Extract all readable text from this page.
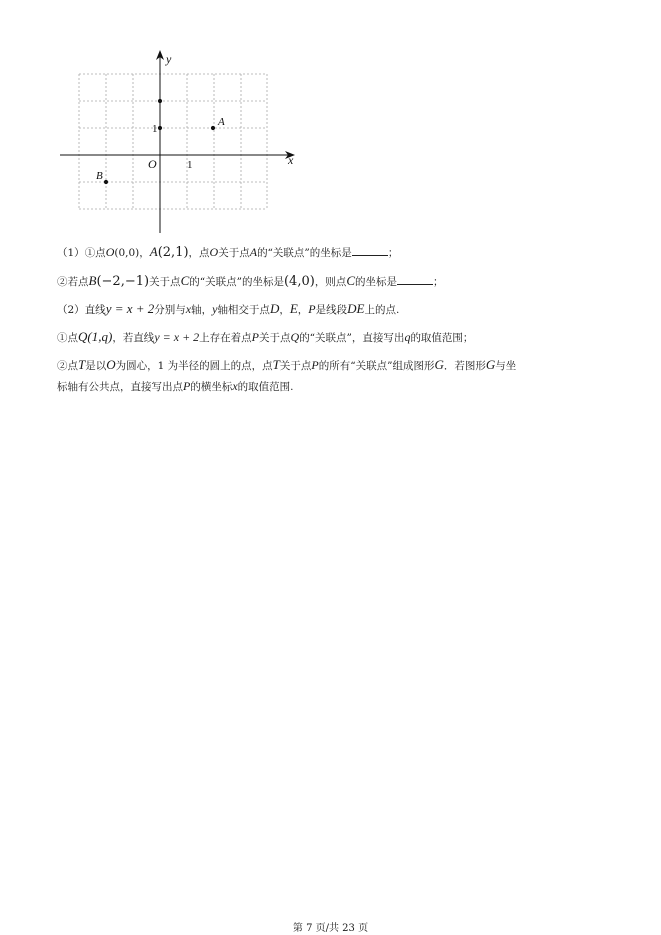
y
x
O	1
1
A
B
（1）①点O(0,0)，A(2,1)，点O关于点A的“关联点”的坐标是	；
②若点B(−2,−1)关于点C的“关联点”的坐标是(4,0)，则点C的坐标是	；
（2）直线y = x + 2分别与x轴，y轴相交于点D，E，P是线段DE上的点.
①点Q(1,q)，若直线y = x + 2上存在着点P关于点Q的“关联点”，直接写出q的取值范围；
②点T是以O为圆心，1 为半径的圆上的点，点T关于点P的所有“关联点”组成图形G．若图形G与坐
标轴有公共点，直接写出点P的横坐标x的取值范围.
第 7 页/共 23 页
